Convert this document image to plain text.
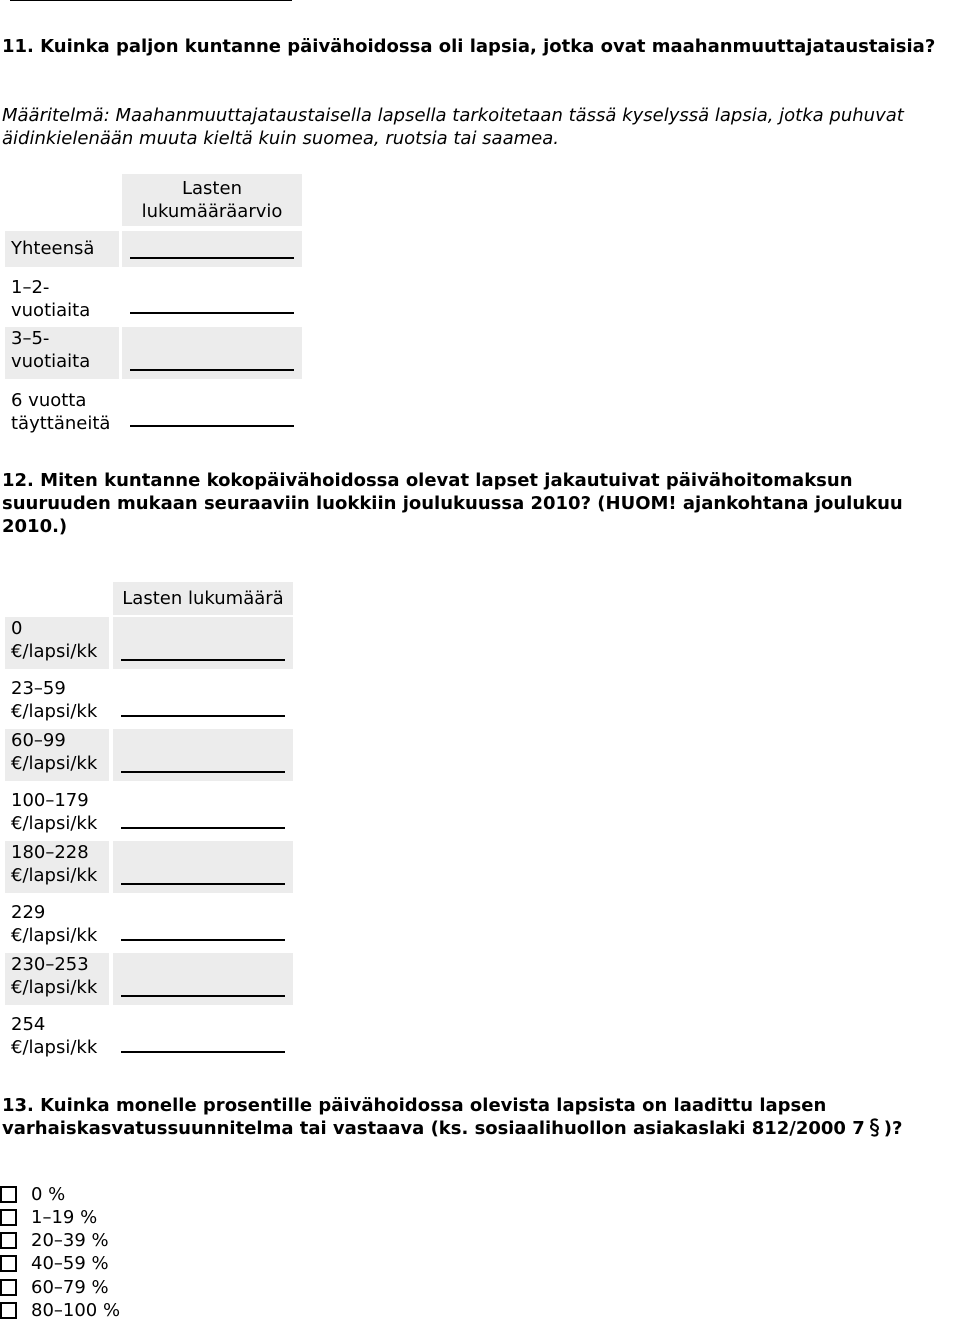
11. Kuinka paljon kuntanne päivähoidossa oli lapsia, jotka ovat maahanmuuttajataustaisia?

Määritelmä: Maahanmuuttajataustaisella lapsella tarkoitetaan tässä kyselyssä lapsia, jotka puhuvat äidinkielenään muuta kieltä kuin suomea, ruotsia tai saamea.
Lasten lukumääräarvio
Yhteensä
1–2-vuotiaita
3–5-vuotiaita
6 vuotta täyttäneitä

12. Miten kuntanne kokopäivähoidossa olevat lapset jakautuivat päivähoitomaksun suuruuden mukaan seuraaviin luokkiin joulukuussa 2010? (HUOM! ajankohtana joulukuu 2010.)

Lasten lukumäärä
0 €/lapsi/kk
23–59 €/lapsi/kk
60–99 €/lapsi/kk
100–179 €/lapsi/kk
180–228 €/lapsi/kk
229 €/lapsi/kk
230–253 €/lapsi/kk
254 €/lapsi/kk

13. Kuinka monelle prosentille päivähoidossa olevista lapsista on laadittu lapsen varhaiskasvatussuunnitelma tai vastaava (ks. sosiaalihuollon asiakaslaki 812/2000 7 )?

0 %
1–19 %
20–39 %
40–59 %
60–79 %
80–100 %
